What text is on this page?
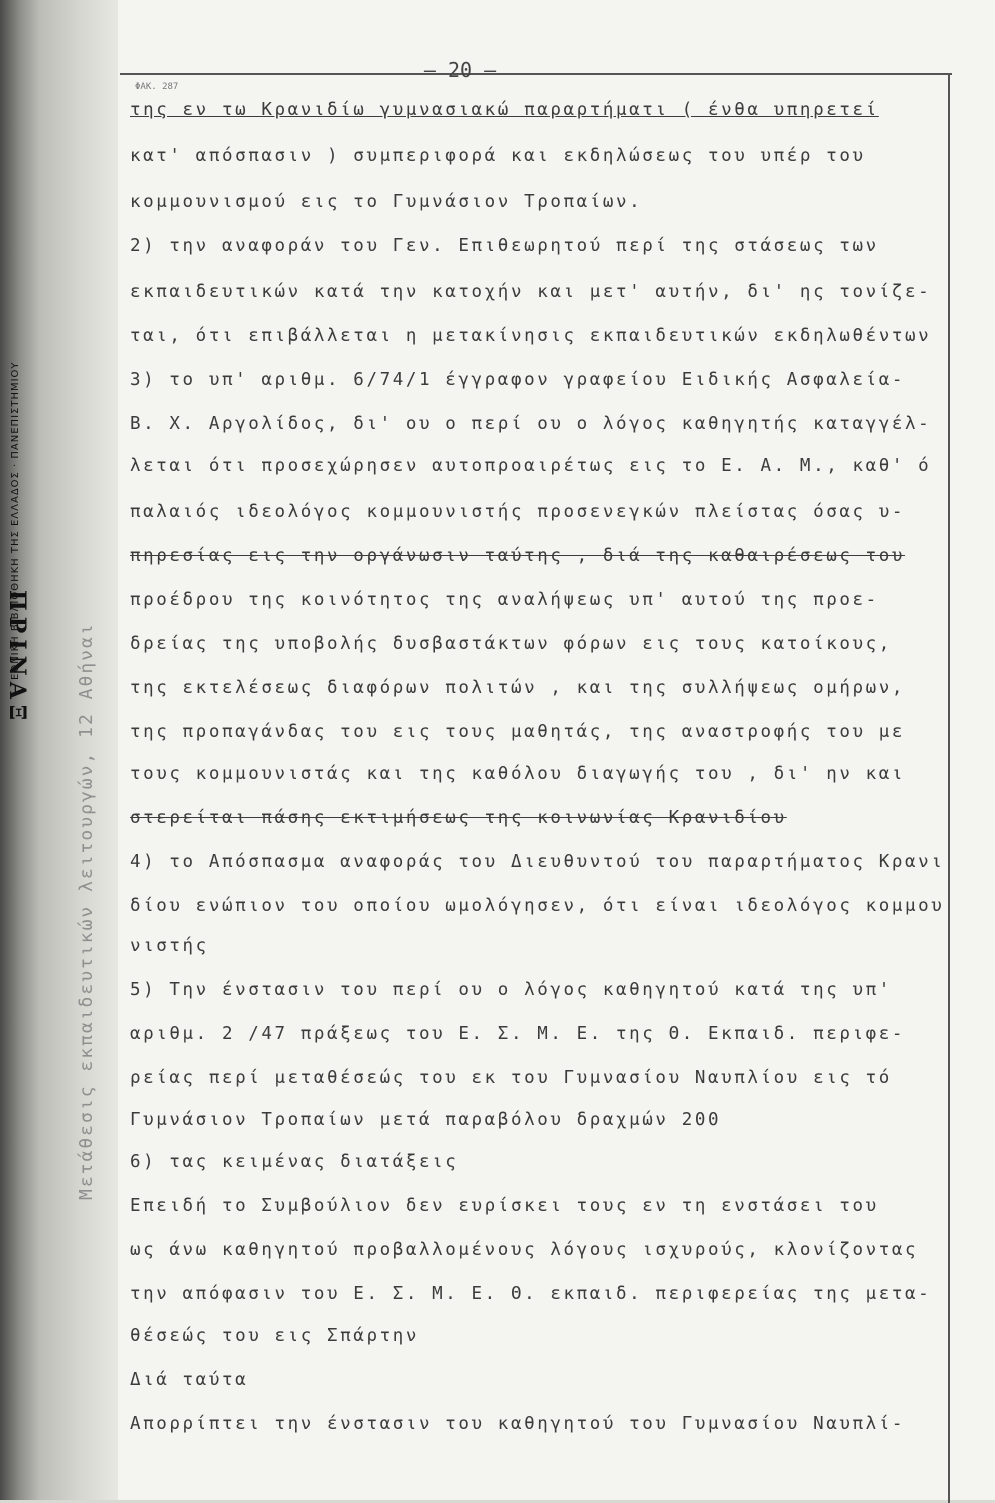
ΕΘΝΙΚΗ ΒΙΒΛΙΟΘΗΚΗ ΤΗΣ ΕΛΛΑΔΟΣ · ΠΑΝΕΠΙΣΤΗΜΙΟΥ
ΠΡΙΝΑΞ	Μετάθεσις εκπαιδευτικών λειτουργών, 12 Αθήναι
— 20 —
ΦΑΚ. 287
της εν τω Κρανιδίω γυμνασιακώ παραρτήματι ( ένθα υπηρετεί
κατ' απόσπασιν ) συμπεριφορά και εκδηλώσεως του υπέρ του
κομμουνισμού εις το Γυμνάσιον Τροπαίων.
2) την αναφοράν του Γεν. Επιθεωρητού περί της στάσεως των
εκπαιδευτικών κατά την κατοχήν και μετ' αυτήν, δι' ης τονίζε-
ται, ότι επιβάλλεται η μετακίνησις εκπαιδευτικών εκδηλωθέντων
3) το υπ' αριθμ. 6/74/1 έγγραφον γραφείου Ειδικής Ασφαλεία-
Β. Χ. Αργολίδος, δι' ου ο περί ου ο λόγος καθηγητής καταγγέλ-
λεται ότι προσεχώρησεν αυτοπροαιρέτως εις το Ε. Α. Μ., καθ' ό
παλαιός ιδεολόγος κομμουνιστής προσενεγκών πλείστας όσας υ-
πηρεσίας εις την οργάνωσιν ταύτης , διά της καθαιρέσεως του
προέδρου της κοινότητος της αναλήψεως υπ' αυτού της προε-
δρείας της υποβολής δυσβαστάκτων φόρων εις τους κατοίκους,
της εκτελέσεως διαφόρων πολιτών , και της συλλήψεως ομήρων,
της προπαγάνδας του εις τους μαθητάς, της αναστροφής του με
τους κομμουνιστάς και της καθόλου διαγωγής του , δι' ην και
στερείται πάσης εκτιμήσεως της κοινωνίας Κρανιδίου
4) το Απόσπασμα αναφοράς του Διευθυντού του παραρτήματος Κρανι
δίου ενώπιον του οποίου ωμολόγησεν, ότι είναι ιδεολόγος κομμου
νιστής
5) Την ένστασιν του περί ου ο λόγος καθηγητού κατά της υπ'
αριθμ. 2 /47 πράξεως του Ε. Σ. Μ. Ε. της Θ. Εκπαιδ. περιφε-
ρείας περί μεταθέσεώς του εκ του Γυμνασίου Ναυπλίου εις τό
Γυμνάσιον Τροπαίων μετά παραβόλου δραχμών 200
6) τας κειμένας διατάξεις
Επειδή το Συμβούλιον δεν ευρίσκει τους εν τη ενστάσει του
ως άνω καθηγητού προβαλλομένους λόγους ισχυρούς, κλονίζοντας
την απόφασιν του Ε. Σ. Μ. Ε. Θ. εκπαιδ. περιφερείας της μετα-
θέσεώς του εις Σπάρτην
Διά ταύτα
Απορρίπτει την ένστασιν του καθηγητού του Γυμνασίου Ναυπλί-
